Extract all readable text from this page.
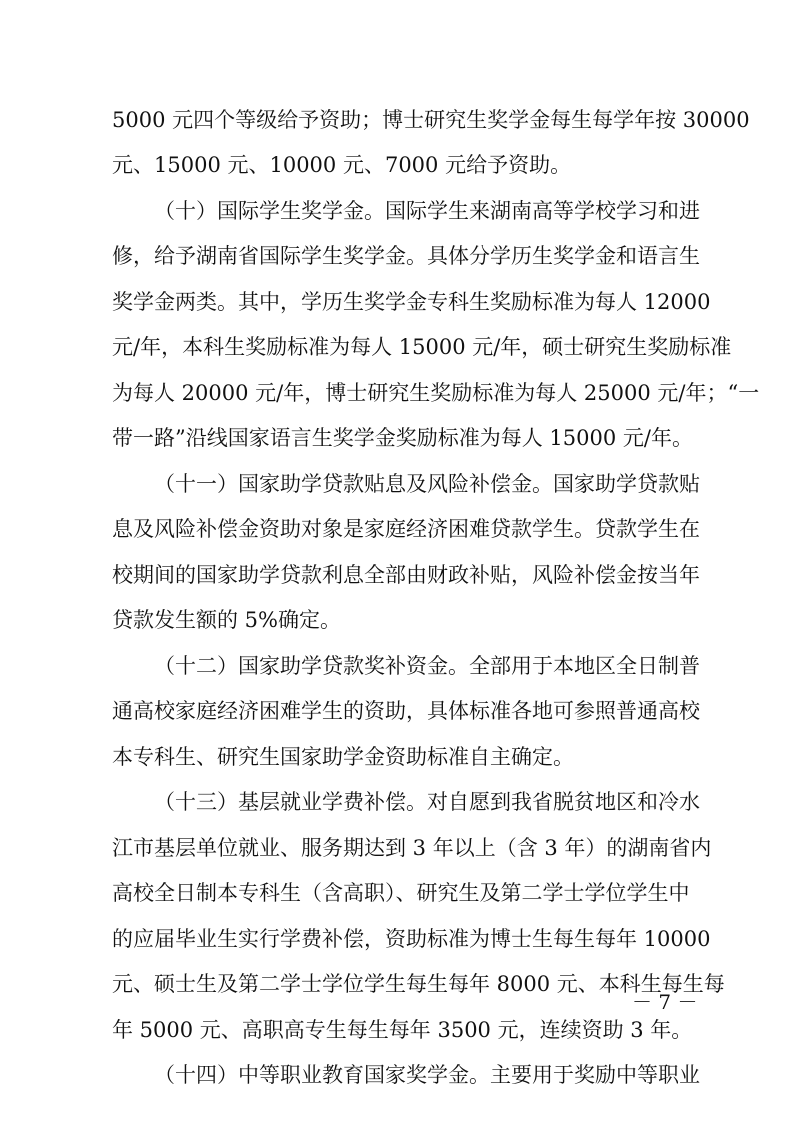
5000 元四个等级给予资助；博士研究生奖学金每生每学年按 30000
元、15000 元、10000 元、7000 元给予资助。
（十）国际学生奖学金。国际学生来湖南高等学校学习和进
修，给予湖南省国际学生奖学金。具体分学历生奖学金和语言生
奖学金两类。其中，学历生奖学金专科生奖励标准为每人 12000
元/年，本科生奖励标准为每人 15000 元/年，硕士研究生奖励标准
为每人 20000 元/年，博士研究生奖励标准为每人 25000 元/年；“一
带一路”沿线国家语言生奖学金奖励标准为每人 15000 元/年。
（十一）国家助学贷款贴息及风险补偿金。国家助学贷款贴
息及风险补偿金资助对象是家庭经济困难贷款学生。贷款学生在
校期间的国家助学贷款利息全部由财政补贴，风险补偿金按当年
贷款发生额的 5%确定。
（十二）国家助学贷款奖补资金。全部用于本地区全日制普
通高校家庭经济困难学生的资助，具体标准各地可参照普通高校
本专科生、研究生国家助学金资助标准自主确定。
（十三）基层就业学费补偿。对自愿到我省脱贫地区和冷水
江市基层单位就业、服务期达到 3 年以上（含 3 年）的湖南省内
高校全日制本专科生（含高职）、研究生及第二学士学位学生中
的应届毕业生实行学费补偿，资助标准为博士生每生每年 10000
元、硕士生及第二学士学位学生每生每年 8000 元、本科生每生每
年 5000 元、高职高专生每生每年 3500 元，连续资助 3 年。
（十四）中等职业教育国家奖学金。主要用于奖励中等职业
－ 7 －
